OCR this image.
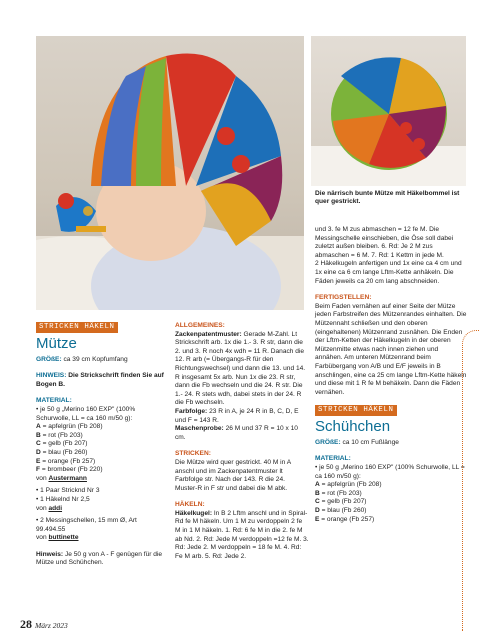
Die närrisch bunte Mütze mit Häkelbommel ist quer gestrickt.
STRICKEN HÄKELN
Mütze

GRÖßE: ca 39 cm Kopfumfang

HINWEIS: Die Strickschrift finden Sie auf Bogen B.

MATERIAL:

• je 50 g „Merino 160 EXP" (100% Schurwolle, LL = ca 160 m/50 g):

A = apfelgrün (Fb 208)

B = rot (Fb 203)

C = gelb (Fb 207)

D = blau (Fb 260)

E = orange (Fb 257)

F = brombeer (Fb 220)

von Austermann

• 1 Paar Stricknd Nr 3

• 1 Häkelnd Nr 2,5

von addi

• 2 Messingschellen, 15 mm Ø, Art 99.494.55

von buttinette

Hinweis: Je 50 g von A - F genügen für die Mütze und Schühchen.

ALLGEMEINES:

Zackenpatentmuster: Gerade M-Zahl. Lt Strickschrift arb. 1x die 1.- 3. R str, dann die 2. und 3. R noch 4x wdh = 11 R. Danach die 12. R arb (= Übergangs-R für den Richtungswechsel) und dann die 13. und 14. R insgesamt 5x arb. Nun 1x die 23. R str, dann die Fb wechseln und die 24. R str. Die 1.- 24. R stets wdh, dabei stets in der 24. R die Fb wechseln.

Farbfolge: 23 R in A, je 24 R in B, C, D, E und F = 143 R.

Maschenprobe: 26 M und 37 R = 10 x 10 cm.

STRICKEN:

Die Mütze wird quer gestrickt. 40 M in A anschl und im Zackenpatentmuster lt Farbfolge str. Nach der 143. R die 24. Muster-R in F str und dabei die M abk.

HÄKELN:

Häkelkugel: In B 2 Lftm anschl und in Spiral-Rd fe M häkeln. Um 1 M zu verdoppeln 2 fe M in 1 M häkeln. 1. Rd: 6 fe M in die 2. fe M ab Nd. 2. Rd: Jede M verdoppeln =12 fe M. 3. Rd: Jede 2. M verdoppeln = 18 fe M. 4. Rd: Fe M arb. 5. Rd: Jede 2.

und 3. fe M zus abmaschen = 12 fe M. Die Messingschelle einschieben, die Öse soll dabei zuletzt außen bleiben. 6. Rd: Je 2 M zus abmaschen = 6 M. 7. Rd: 1 Kettm in jede M.

2 Häkelkugeln anfertigen und 1x eine ca 4 cm und 1x eine ca 6 cm lange Lftm-Kette anhäkeln. Die Fäden jeweils ca 20 cm lang abschneiden.

FERTIGSTELLEN:

Beim Faden vernähen auf einer Seite der Mütze jeden Farbstreifen des Mützenrandes einhalten. Die Mützennaht schließen und den oberen (eingehaltenen) Mützenrand zusnähen. Die Enden der Lftm-Ketten der Häkelkugeln in der oberen Mützenmitte etwas nach innen ziehen und annähen. Am unteren Mützenrand beim Farbübergang von A/B und E/F jeweils in B anschlingen, eine ca 25 cm lange Lftm-Kette häkeln und diese mit 1 R fe M behäkeln. Dann die Fäden vernähen.

STRICKEN HÄKELN
Schühchen

GRÖßE: ca 10 cm Fußlänge

MATERIAL:

• je 50 g „Merino 160 EXP" (100% Schurwolle, LL = ca 160 m/50 g):

A = apfelgrün (Fb 208)

B = rot (Fb 203)

C = gelb (Fb 207)

D = blau (Fb 260)

E = orange (Fb 257)

28 März 2023
